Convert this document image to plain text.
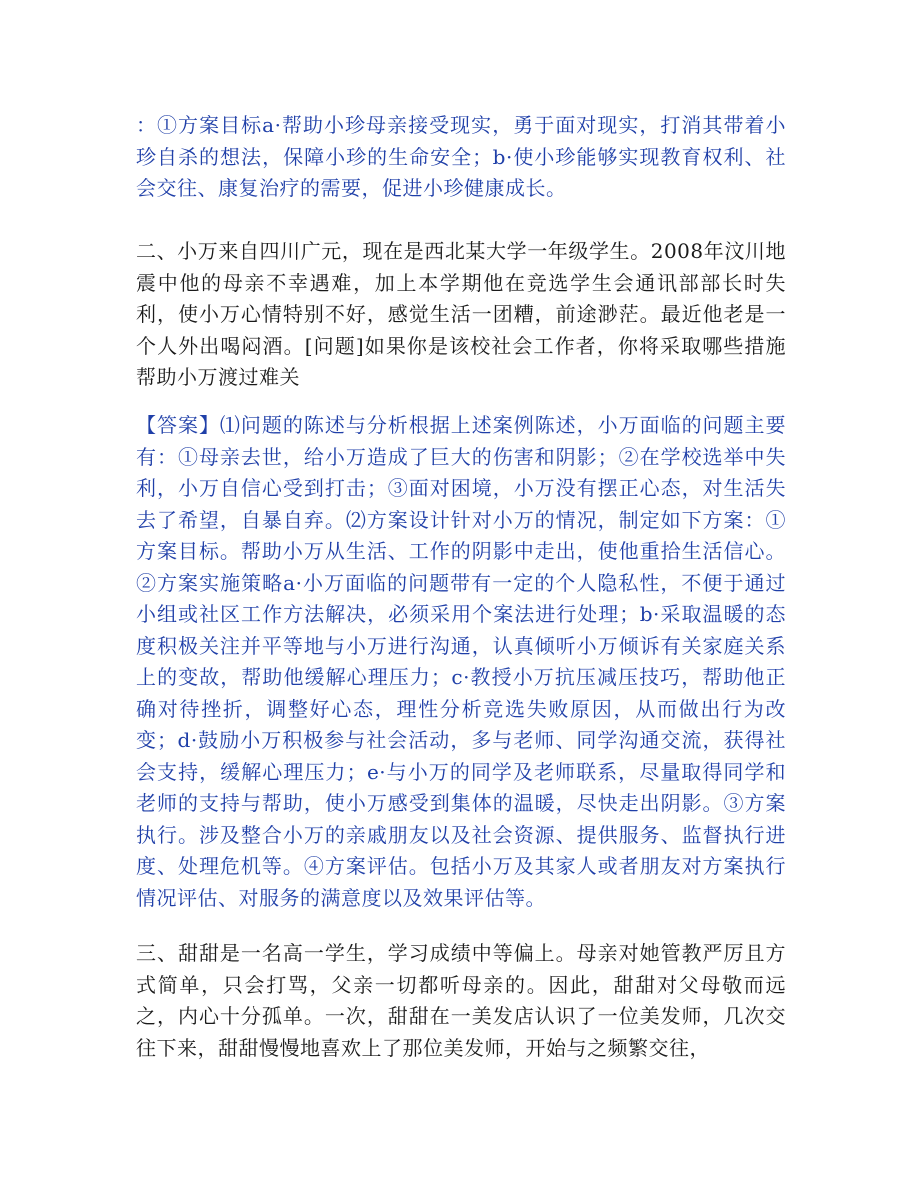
：①方案目标a·帮助小珍母亲接受现实，勇于面对现实，打消其带着小珍自杀的想法，保障小珍的生命安全；b·使小珍能够实现教育权利、社会交往、康复治疗的需要，促进小珍健康成长。

二、小万来自四川广元，现在是西北某大学一年级学生。2008年汶川地震中他的母亲不幸遇难，加上本学期他在竞选学生会通讯部部长时失利，使小万心情特别不好，感觉生活一团糟，前途渺茫。最近他老是一个人外出喝闷酒。[问题]如果你是该校社会工作者，你将采取哪些措施帮助小万渡过难关

【答案】⑴问题的陈述与分析根据上述案例陈述，小万面临的问题主要有：①母亲去世，给小万造成了巨大的伤害和阴影；②在学校选举中失利，小万自信心受到打击；③面对困境，小万没有摆正心态，对生活失去了希望，自暴自弃。⑵方案设计针对小万的情况，制定如下方案：①方案目标。帮助小万从生活、工作的阴影中走出，使他重拾生活信心。②方案实施策略a·小万面临的问题带有一定的个人隐私性，不便于通过小组或社区工作方法解决，必须采用个案法进行处理；b·采取温暖的态度积极关注并平等地与小万进行沟通，认真倾听小万倾诉有关家庭关系上的变故，帮助他缓解心理压力；c·教授小万抗压减压技巧，帮助他正确对待挫折，调整好心态，理性分析竞选失败原因，从而做出行为改变；d·鼓励小万积极参与社会活动，多与老师、同学沟通交流，获得社会支持，缓解心理压力；e·与小万的同学及老师联系，尽量取得同学和老师的支持与帮助，使小万感受到集体的温暖，尽快走出阴影。③方案执行。涉及整合小万的亲戚朋友以及社会资源、提供服务、监督执行进度、处理危机等。④方案评估。包括小万及其家人或者朋友对方案执行情况评估、对服务的满意度以及效果评估等。

三、甜甜是一名高一学生，学习成绩中等偏上。母亲对她管教严厉且方式简单，只会打骂，父亲一切都听母亲的。因此，甜甜对父母敬而远之，内心十分孤单。一次，甜甜在一美发店认识了一位美发师，几次交往下来，甜甜慢慢地喜欢上了那位美发师，开始与之频繁交往，
